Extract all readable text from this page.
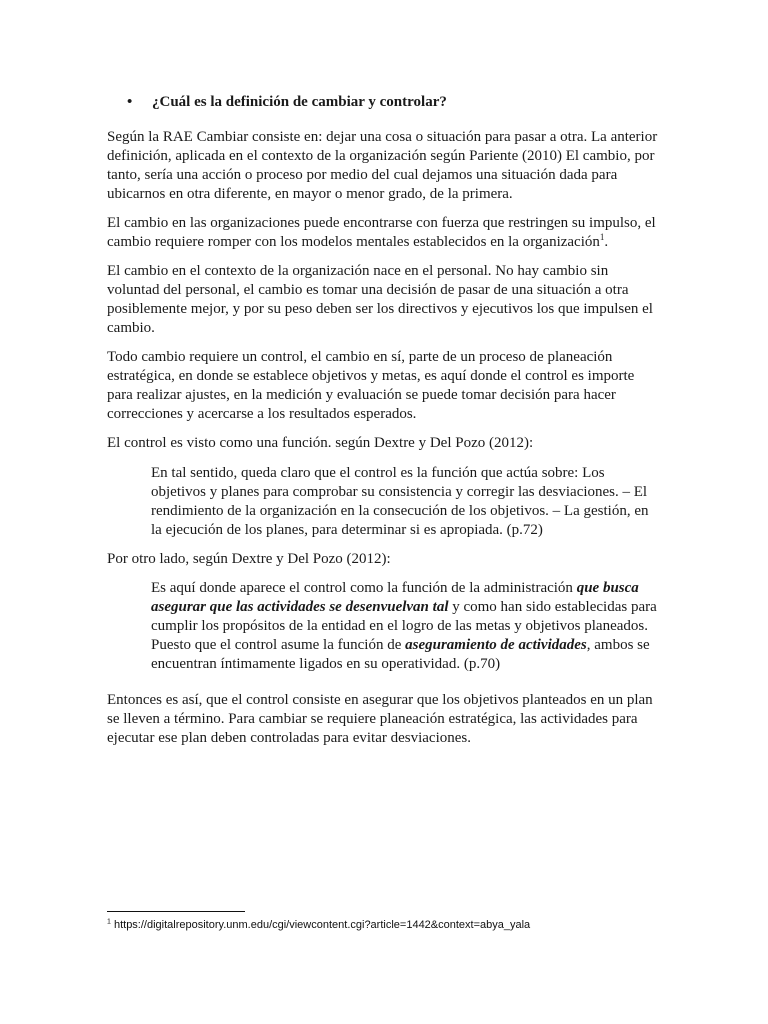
• ¿Cuál es la definición de cambiar y controlar?

Según la RAE Cambiar consiste en: dejar una cosa o situación para pasar a otra. La anterior definición, aplicada en el contexto de la organización según Pariente (2010) El cambio, por tanto, sería una acción o proceso por medio del cual dejamos una situación dada para ubicarnos en otra diferente, en mayor o menor grado, de la primera.

El cambio en las organizaciones puede encontrarse con fuerza que restringen su impulso, el cambio requiere romper con los modelos mentales establecidos en la organización$^1$.

El cambio en el contexto de la organización nace en el personal. No hay cambio sin voluntad del personal, el cambio es tomar una decisión de pasar de una situación a otra posiblemente mejor, y por su peso deben ser los directivos y ejecutivos los que impulsen el cambio.

Todo cambio requiere un control, el cambio en sí, parte de un proceso de planeación estratégica, en donde se establece objetivos y metas, es aquí donde el control es importe para realizar ajustes, en la medición y evaluación se puede tomar decisión para hacer correcciones y acercarse a los resultados esperados.

El control es visto como una función. según Dextre y Del Pozo (2012):

En tal sentido, queda claro que el control es la función que actúa sobre: Los objetivos y planes para comprobar su consistencia y corregir las desviaciones. – El rendimiento de la organización en la consecución de los objetivos. – La gestión, en la ejecución de los planes, para determinar si es apropiada. (p.72)

Por otro lado, según Dextre y Del Pozo (2012):

Es aquí donde aparece el control como la función de la administración que busca asegurar que las actividades se desenvuelvan tal y como han sido establecidas para cumplir los propósitos de la entidad en el logro de las metas y objetivos planeados. Puesto que el control asume la función de aseguramiento de actividades, ambos se encuentran íntimamente ligados en su operatividad. (p.70)

Entonces es así, que el control consiste en asegurar que los objetivos planteados en un plan se lleven a término. Para cambiar se requiere planeación estratégica, las actividades para ejecutar ese plan deben controladas para evitar desviaciones.

$^1$ https://digitalrepository.unm.edu/cgi/viewcontent.cgi?article=1442&context=abya_yala
